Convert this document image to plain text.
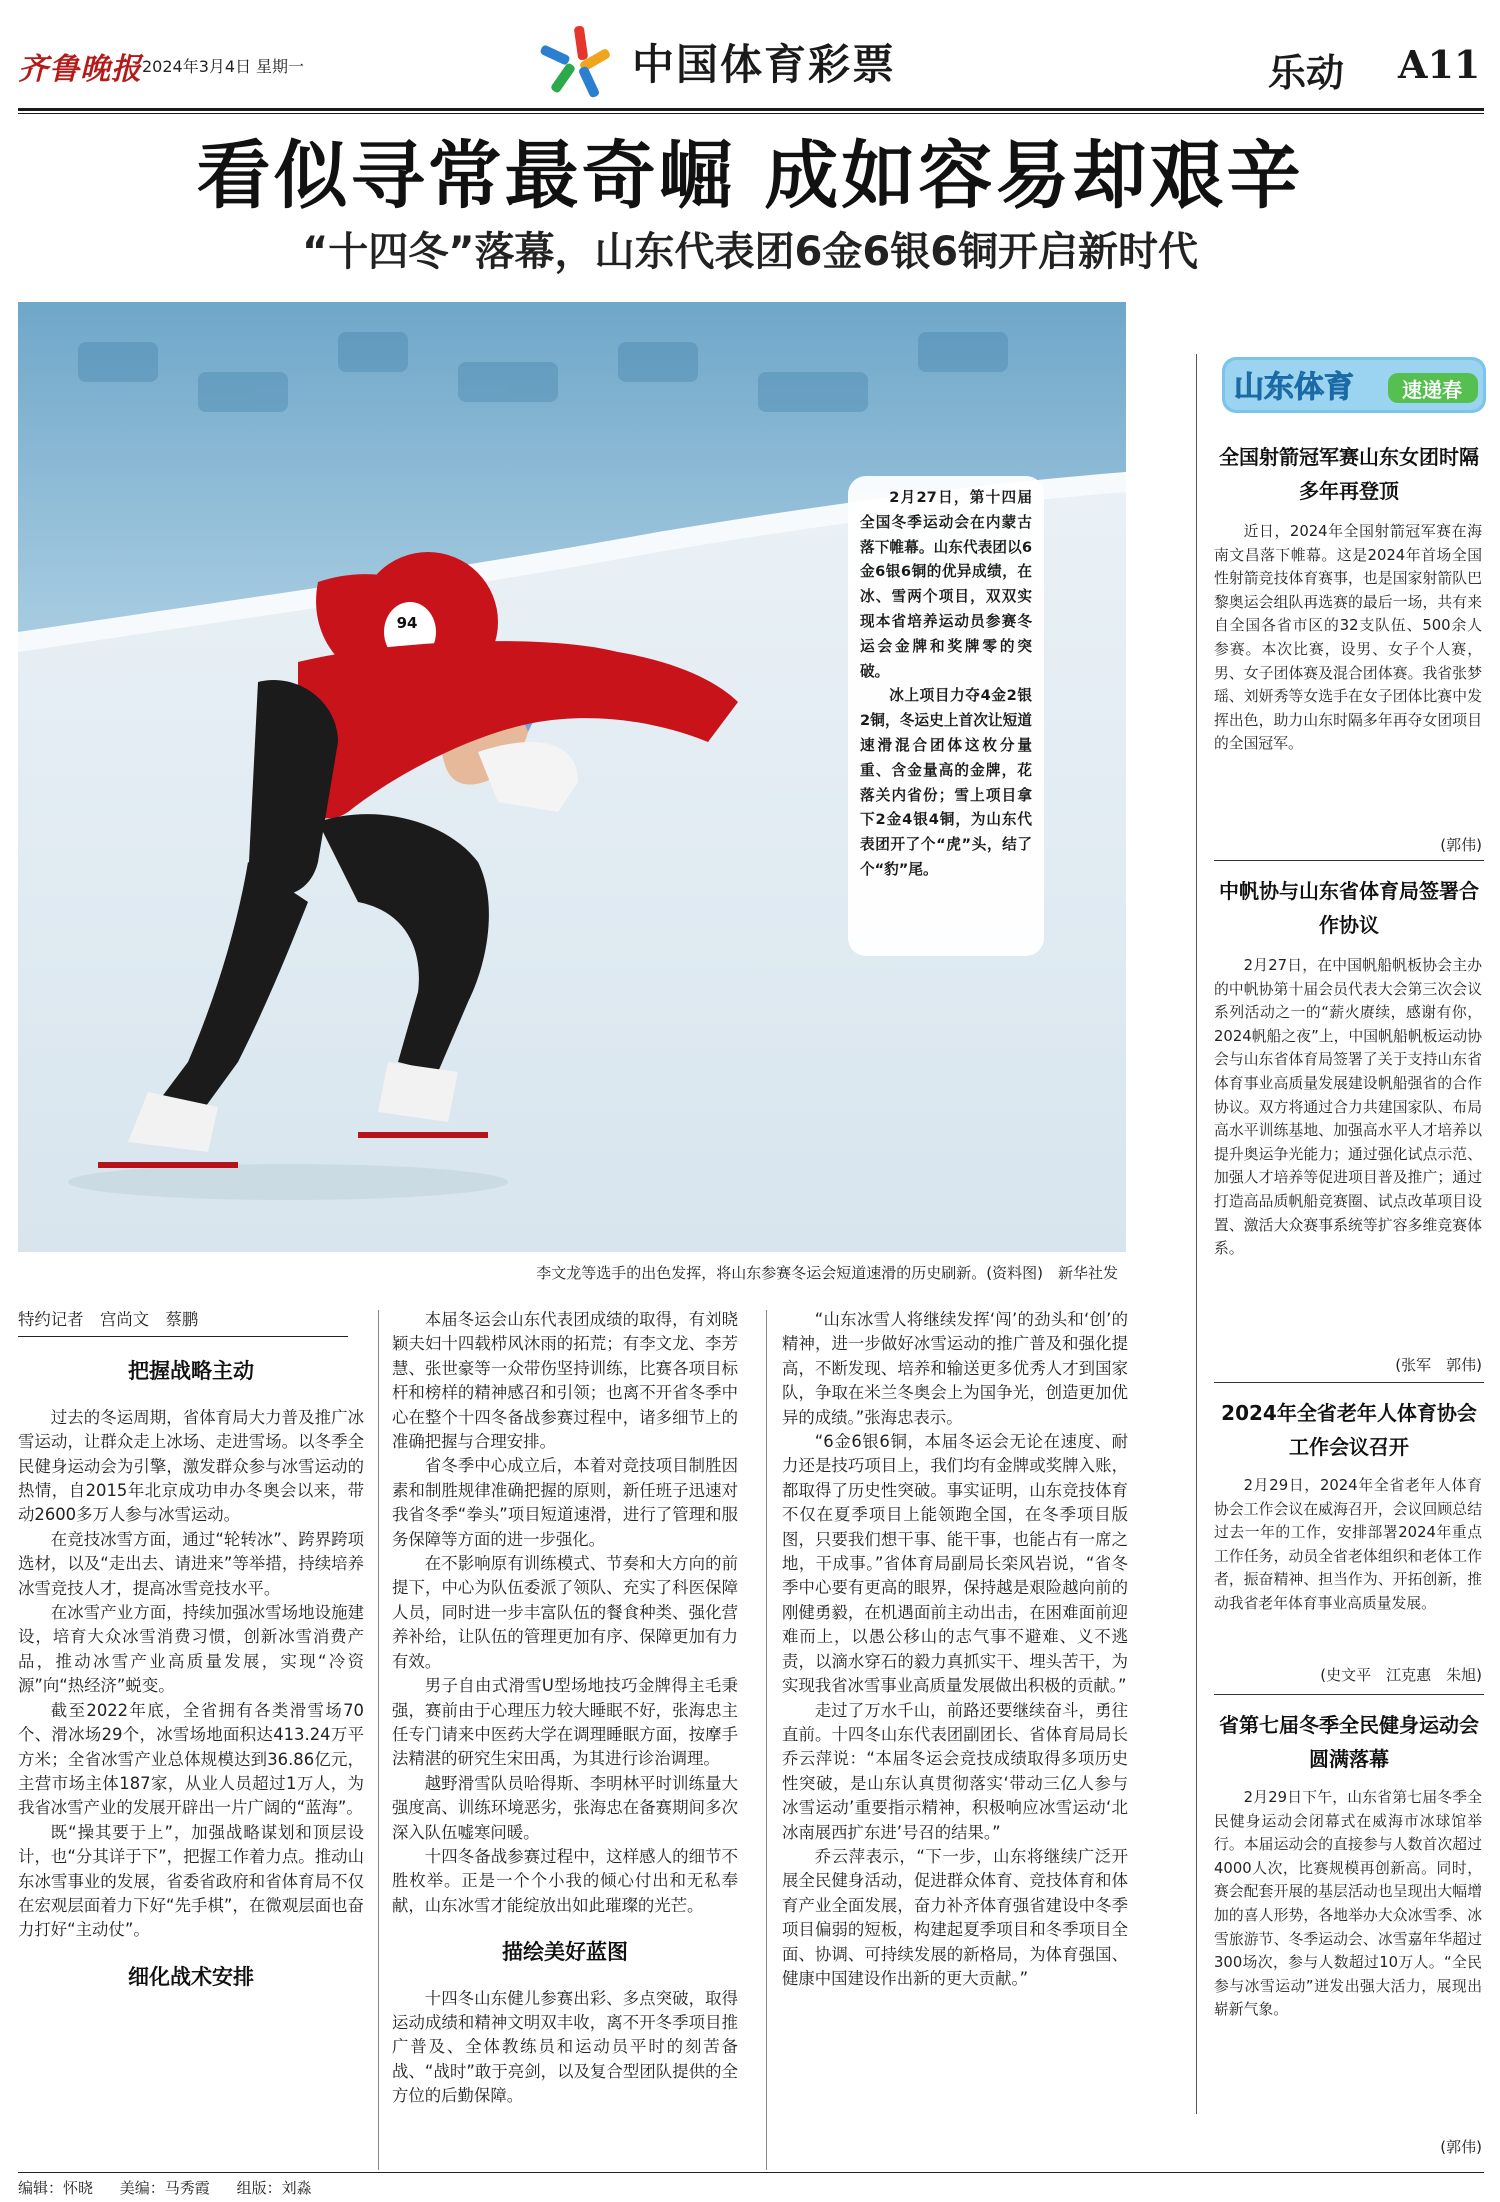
齐鲁晚报 2024年3月4日 星期一	中国体育彩票	乐动 A11
看似寻常最奇崛 成如容易却艰辛
“十四冬”落幕，山东代表团6金6银6铜开启新时代
94

2月27日，第十四届全国冬季运动会在内蒙古落下帷幕。山东代表团以6金6银6铜的优异成绩，在冰、雪两个项目，双双实现本省培养运动员参赛冬运会金牌和奖牌零的突破。

冰上项目力夺4金2银2铜，冬运史上首次让短道速滑混合团体这枚分量重、含金量高的金牌，花落关内省份；雪上项目拿下2金4银4铜，为山东代表团开了个“虎”头，结了个“豹”尾。

李文龙等选手的出色发挥，将山东参赛冬运会短道速滑的历史刷新。(资料图)　新华社发
山东体育	速递春
全国射箭冠军赛山东女团时隔多年再登顶
近日，2024年全国射箭冠军赛在海南文昌落下帷幕。这是2024年首场全国性射箭竞技体育赛事，也是国家射箭队巴黎奥运会组队再选赛的最后一场，共有来自全国各省市区的32支队伍、500余人参赛。本次比赛，设男、女子个人赛，男、女子团体赛及混合团体赛。我省张梦瑶、刘妍秀等女选手在女子团体比赛中发挥出色，助力山东时隔多年再夺女团项目的全国冠军。
(郭伟)
中帆协与山东省体育局签署合作协议
2月27日，在中国帆船帆板协会主办的中帆协第十届会员代表大会第三次会议系列活动之一的“薪火赓续，感谢有你，2024帆船之夜”上，中国帆船帆板运动协会与山东省体育局签署了关于支持山东省体育事业高质量发展建设帆船强省的合作协议。双方将通过合力共建国家队、布局高水平训练基地、加强高水平人才培养以提升奥运争光能力；通过强化试点示范、加强人才培养等促进项目普及推广；通过打造高品质帆船竞赛圈、试点改革项目设置、激活大众赛事系统等扩容多维竞赛体系。
(张军　郭伟)
2024年全省老年人体育协会工作会议召开
2月29日，2024年全省老年人体育协会工作会议在威海召开，会议回顾总结过去一年的工作，安排部署2024年重点工作任务，动员全省老体组织和老体工作者，振奋精神、担当作为、开拓创新，推动我省老年体育事业高质量发展。
(史文平　江克惠　朱旭)
省第七届冬季全民健身运动会圆满落幕
2月29日下午，山东省第七届冬季全民健身运动会闭幕式在威海市冰球馆举行。本届运动会的直接参与人数首次超过4000人次，比赛规模再创新高。同时，赛会配套开展的基层活动也呈现出大幅增加的喜人形势，各地举办大众冰雪季、冰雪旅游节、冬季运动会、冰雪嘉年华超过300场次，参与人数超过10万人。“全民参与冰雪运动”迸发出强大活力，展现出崭新气象。
(郭伟)

特约记者　宫尚文　蔡鹏

把握战略主动

过去的冬运周期，省体育局大力普及推广冰雪运动，让群众走上冰场、走进雪场。以冬季全民健身运动会为引擎，激发群众参与冰雪运动的热情，自2015年北京成功申办冬奥会以来，带动2600多万人参与冰雪运动。

在竞技冰雪方面，通过“轮转冰”、跨界跨项选材，以及“走出去、请进来”等举措，持续培养冰雪竞技人才，提高冰雪竞技水平。

在冰雪产业方面，持续加强冰雪场地设施建设，培育大众冰雪消费习惯，创新冰雪消费产品，推动冰雪产业高质量发展，实现“冷资源”向“热经济”蜕变。

截至2022年底，全省拥有各类滑雪场70个、滑冰场29个，冰雪场地面积达413.24万平方米；全省冰雪产业总体规模达到36.86亿元，主营市场主体187家，从业人员超过1万人，为我省冰雪产业的发展开辟出一片广阔的“蓝海”。

既“操其要于上”，加强战略谋划和顶层设计，也“分其详于下”，把握工作着力点。推动山东冰雪事业的发展，省委省政府和省体育局不仅在宏观层面着力下好“先手棋”，在微观层面也奋力打好“主动仗”。

细化战术安排

本届冬运会山东代表团成绩的取得，有刘晓颖夫妇十四载栉风沐雨的拓荒；有李文龙、李芳慧、张世豪等一众带伤坚持训练，比赛各项目标杆和榜样的精神感召和引领；也离不开省冬季中心在整个十四冬备战参赛过程中，诸多细节上的准确把握与合理安排。

省冬季中心成立后，本着对竞技项目制胜因素和制胜规律准确把握的原则，新任班子迅速对我省冬季“拳头”项目短道速滑，进行了管理和服务保障等方面的进一步强化。

在不影响原有训练模式、节奏和大方向的前提下，中心为队伍委派了领队、充实了科医保障人员，同时进一步丰富队伍的餐食种类、强化营养补给，让队伍的管理更加有序、保障更加有力有效。

男子自由式滑雪U型场地技巧金牌得主毛秉强，赛前由于心理压力较大睡眠不好，张海忠主任专门请来中医药大学在调理睡眠方面，按摩手法精湛的研究生宋田禹，为其进行诊治调理。

越野滑雪队员哈得斯、李明林平时训练量大强度高、训练环境恶劣，张海忠在备赛期间多次深入队伍嘘寒问暖。

十四冬备战参赛过程中，这样感人的细节不胜枚举。正是一个个小我的倾心付出和无私奉献，山东冰雪才能绽放出如此璀璨的光芒。

描绘美好蓝图

十四冬山东健儿参赛出彩、多点突破，取得运动成绩和精神文明双丰收，离不开冬季项目推广普及、全体教练员和运动员平时的刻苦备战、“战时”敢于亮剑，以及复合型团队提供的全方位的后勤保障。

“山东冰雪人将继续发挥‘闯’的劲头和‘创’的精神，进一步做好冰雪运动的推广普及和强化提高，不断发现、培养和输送更多优秀人才到国家队，争取在米兰冬奥会上为国争光，创造更加优异的成绩。”张海忠表示。

“6金6银6铜，本届冬运会无论在速度、耐力还是技巧项目上，我们均有金牌或奖牌入账，都取得了历史性突破。事实证明，山东竞技体育不仅在夏季项目上能领跑全国，在冬季项目版图，只要我们想干事、能干事，也能占有一席之地，干成事。”省体育局副局长栾风岩说，“省冬季中心要有更高的眼界，保持越是艰险越向前的刚健勇毅，在机遇面前主动出击，在困难面前迎难而上，以愚公移山的志气事不避难、义不逃责，以滴水穿石的毅力真抓实干、埋头苦干，为实现我省冰雪事业高质量发展做出积极的贡献。”

走过了万水千山，前路还要继续奋斗，勇往直前。十四冬山东代表团副团长、省体育局局长乔云萍说：“本届冬运会竞技成绩取得多项历史性突破，是山东认真贯彻落实‘带动三亿人参与冰雪运动’重要指示精神，积极响应冰雪运动‘北冰南展西扩东进’号召的结果。”

乔云萍表示，“下一步，山东将继续广泛开展全民健身活动，促进群众体育、竞技体育和体育产业全面发展，奋力补齐体育强省建设中冬季项目偏弱的短板，构建起夏季项目和冬季项目全面、协调、可持续发展的新格局，为体育强国、健康中国建设作出新的更大贡献。”

编辑：怀晓 美编：马秀霞 组版：刘淼
